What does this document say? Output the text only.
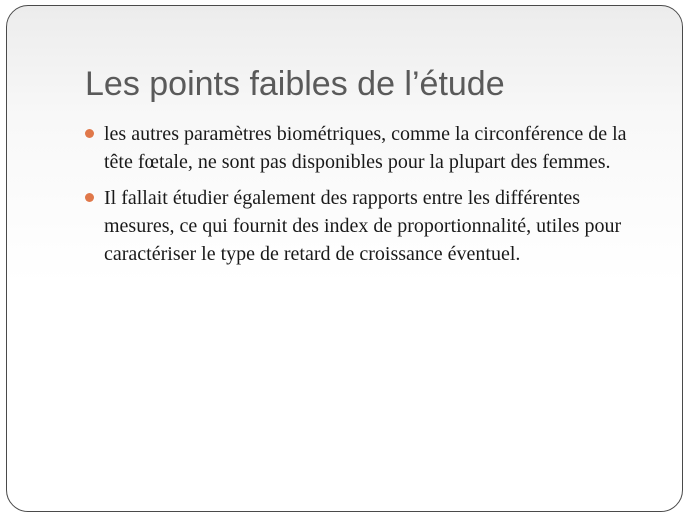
Les points faibles de l’étude
les autres paramètres biométriques, comme la circonférence de la tête fœtale, ne sont pas disponibles pour la plupart des femmes.
Il fallait étudier également des rapports entre les différentes mesures, ce qui fournit des index de proportionnalité, utiles pour caractériser le type de retard de croissance éventuel.
